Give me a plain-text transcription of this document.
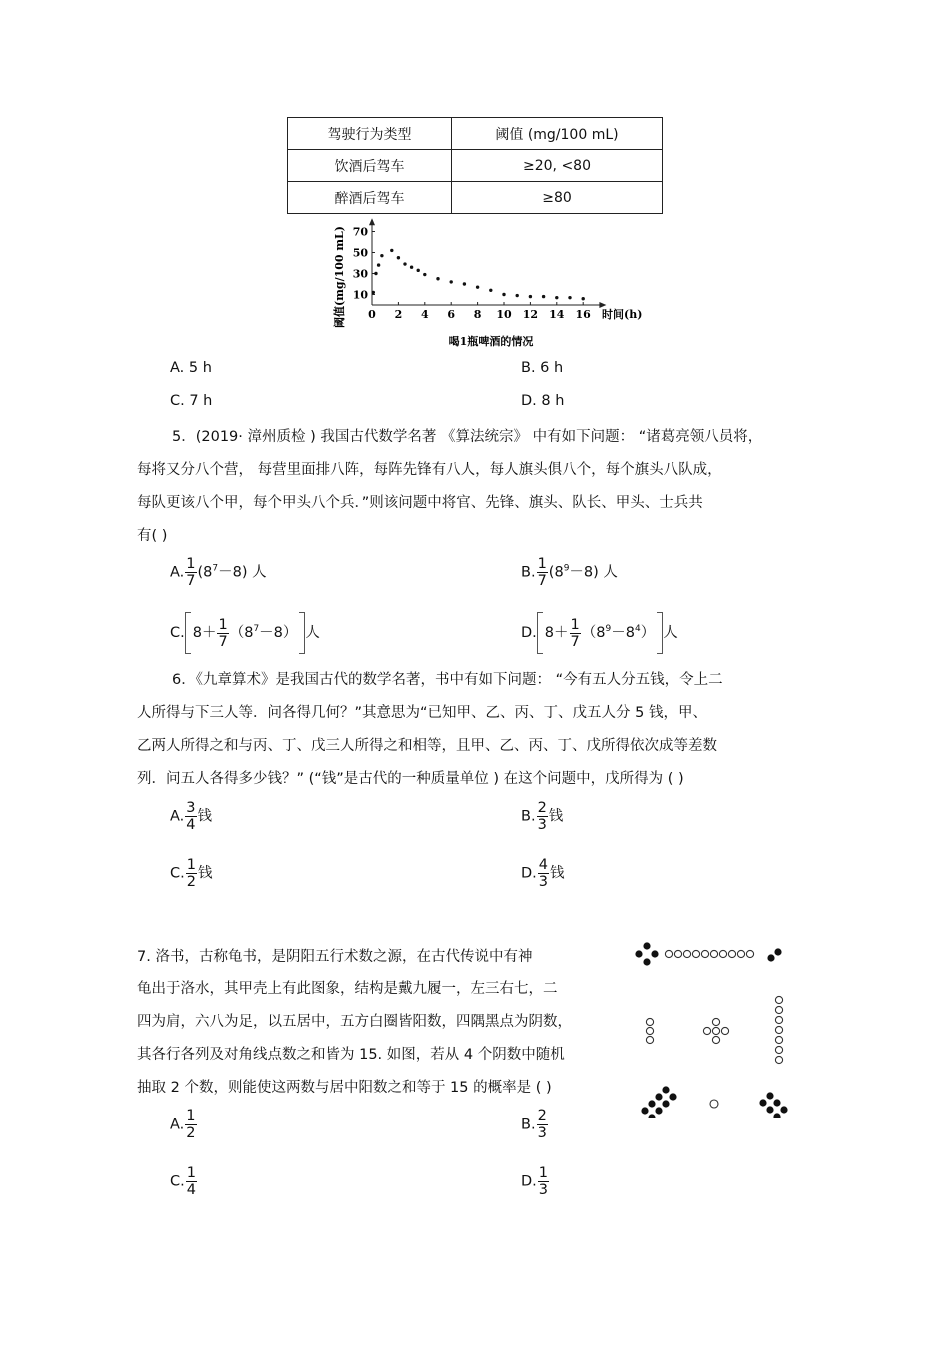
驾驶行为类型	阈值 (mg/100 mL)
饮酒后驾车	≥20, <80
醉酒后驾车	≥80
0 2 4 6 8 10 12 14 16
10
30
50
70
阈值(mg/100 mL)	时间(h)
喝1瓶啤酒的情况
A. 5 h	B. 6 h
C. 7 h	D. 8 h
5．(2019· 漳州质检 ) 我国古代数学名著 《算法统宗》 中有如下问题： “诸葛亮领八员将，
每将又分八个营， 每营里面排八阵，每阵先锋有八人，每人旗头俱八个，每个旗头八队成，
每队更该八个甲，每个甲头八个兵．”则该问题中将官、先锋、旗头、队长、甲头、士兵共
有( )
A. $\frac{1}{7} (8^7-8)$ 人	B. $\frac{1}{7} (8^9-8)$ 人
C. $8+ \frac{1}{7} (8^7-8)$ 人	D. $8+ \frac{1}{7} (8^9-8^4)$ 人
6．《九章算术》是我国古代的数学名著，书中有如下问题： “今有五人分五钱，令上二
人所得与下三人等．问各得几何？”其意思为“已知甲、乙、丙、丁、戊五人分 5 钱，甲、
乙两人所得之和与丙、丁、戊三人所得之和相等，且甲、乙、丙、丁、戊所得依次成等差数
列．问五人各得多少钱？” (“钱”是古代的一种质量单位 ) 在这个问题中，戊所得为 ( )
A. $\frac{3}{4}$ 钱	B. $\frac{2}{3}$ 钱
C. $\frac{1}{2}$ 钱	D. $\frac{4}{3}$ 钱
7. 洛书，古称龟书，是阴阳五行术数之源，在古代传说中有神
龟出于洛水，其甲壳上有此图象，结构是戴九履一，左三右七，二
四为肩，六八为足，以五居中，五方白圈皆阳数，四隅黑点为阴数，
其各行各列及对角线点数之和皆为 15. 如图，若从 4 个阴数中随机
抽取 2 个数，则能使这两数与居中阳数之和等于 15 的概率是 ( )
A. $\frac{1}{2}$	B. $\frac{2}{3}$
C. $\frac{1}{4}$	D. $\frac{1}{3}$
